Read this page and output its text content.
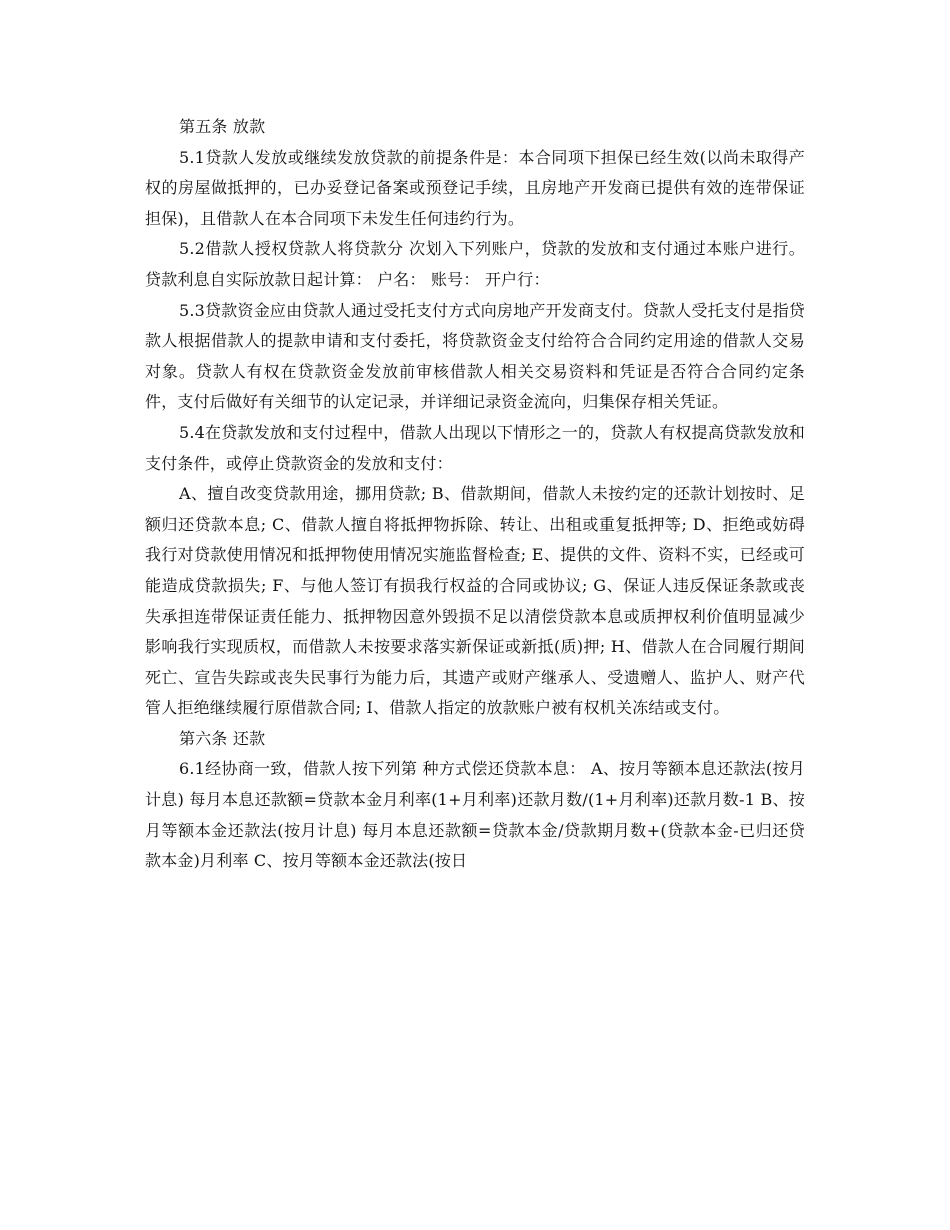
第五条 放款

5.1贷款人发放或继续发放贷款的前提条件是：本合同项下担保已经生效(以尚未取得产权的房屋做抵押的，已办妥登记备案或预登记手续，且房地产开发商已提供有效的连带保证担保)，且借款人在本合同项下未发生任何违约行为。

5.2借款人授权贷款人将贷款分 次划入下列账户，贷款的发放和支付通过本账户进行。贷款利息自实际放款日起计算： 户名： 账号： 开户行：

5.3贷款资金应由贷款人通过受托支付方式向房地产开发商支付。贷款人受托支付是指贷款人根据借款人的提款申请和支付委托，将贷款资金支付给符合合同约定用途的借款人交易对象。贷款人有权在贷款资金发放前审核借款人相关交易资料和凭证是否符合合同约定条件，支付后做好有关细节的认定记录，并详细记录资金流向，归集保存相关凭证。

5.4在贷款发放和支付过程中，借款人出现以下情形之一的，贷款人有权提高贷款发放和支付条件，或停止贷款资金的发放和支付：

A、擅自改变贷款用途，挪用贷款; B、借款期间，借款人未按约定的还款计划按时、足额归还贷款本息; C、借款人擅自将抵押物拆除、转让、出租或重复抵押等; D、拒绝或妨碍我行对贷款使用情况和抵押物使用情况实施监督检查; E、提供的文件、资料不实，已经或可能造成贷款损失; F、与他人签订有损我行权益的合同或协议; G、保证人违反保证条款或丧失承担连带保证责任能力、抵押物因意外毁损不足以清偿贷款本息或质押权利价值明显减少影响我行实现质权，而借款人未按要求落实新保证或新抵(质)押; H、借款人在合同履行期间死亡、宣告失踪或丧失民事行为能力后，其遗产或财产继承人、受遗赠人、监护人、财产代管人拒绝继续履行原借款合同; I、借款人指定的放款账户被有权机关冻结或支付。

第六条 还款

6.1经协商一致，借款人按下列第 种方式偿还贷款本息： A、按月等额本息还款法(按月计息) 每月本息还款额=贷款本金月利率(1+月利率)还款月数/(1+月利率)还款月数-1 B、按月等额本金还款法(按月计息) 每月本息还款额=贷款本金/贷款期月数+(贷款本金-已归还贷款本金)月利率 C、按月等额本金还款法(按日
